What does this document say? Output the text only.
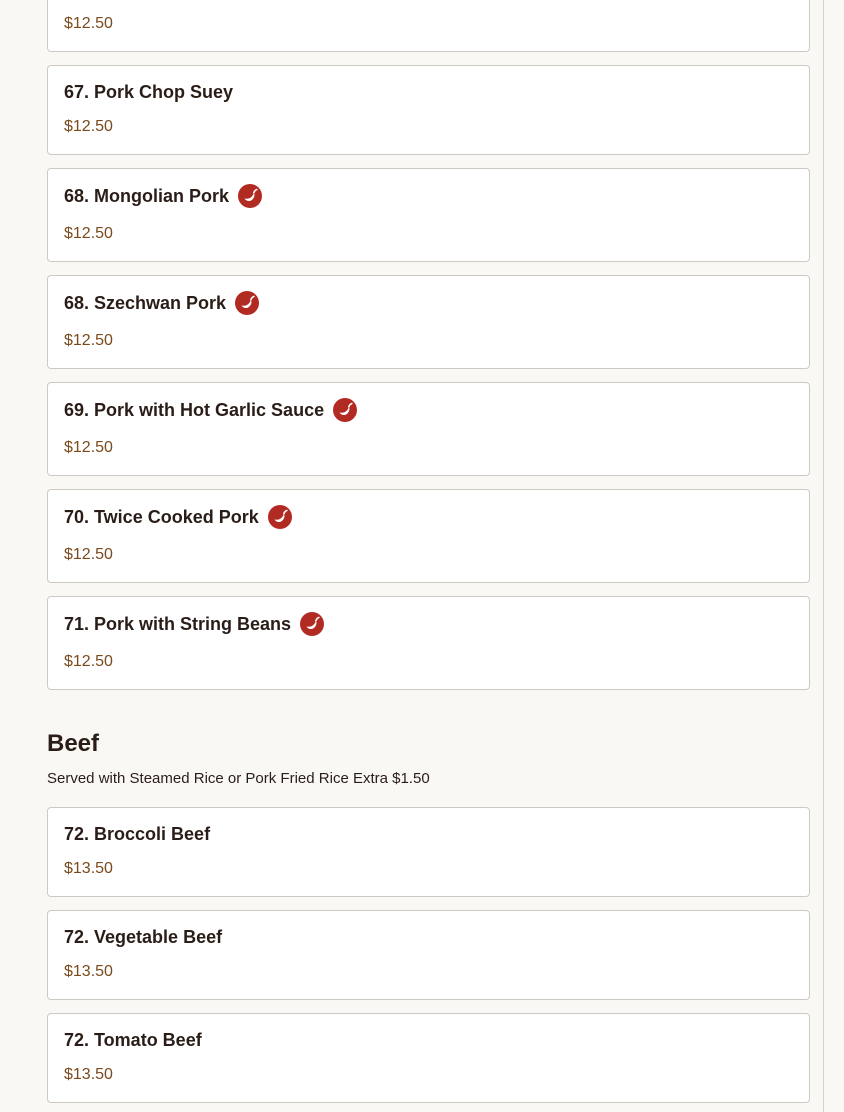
$12.50
67. Pork Chop Suey
$12.50
68. Mongolian Pork
$12.50
68. Szechwan Pork
$12.50
69. Pork with Hot Garlic Sauce
$12.50
70. Twice Cooked Pork
$12.50
71. Pork with String Beans
$12.50
Beef
Served with Steamed Rice or Pork Fried Rice Extra $1.50
72. Broccoli Beef
$13.50
72. Vegetable Beef
$13.50
72. Tomato Beef
$13.50
